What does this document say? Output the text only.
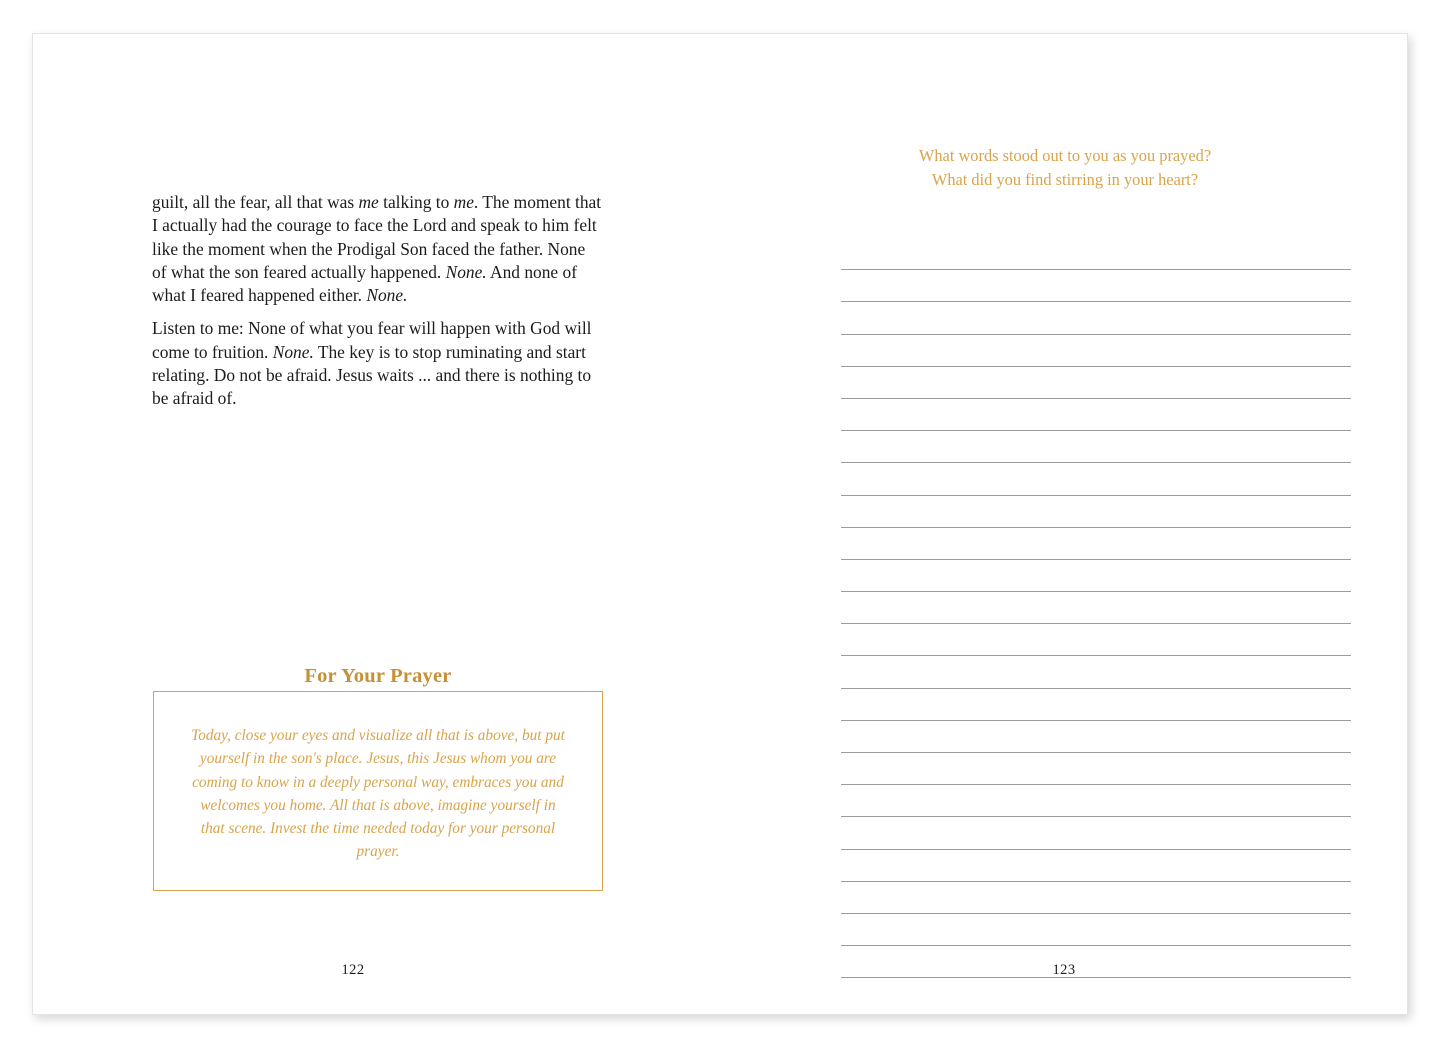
guilt, all the fear, all that was me talking to me. The moment that I actually had the courage to face the Lord and speak to him felt like the moment when the Prodigal Son faced the father. None of what the son feared actually happened. None. And none of what I feared happened either. None.

Listen to me: None of what you fear will happen with God will come to fruition. None. The key is to stop ruminating and start relating. Do not be afraid. Jesus waits ... and there is nothing to be afraid of.

Today, close your eyes and visualize all that is above, but put yourself in the son's place. Jesus, this Jesus whom you are coming to know in a deeply personal way, embraces you and welcomes you home. All that is above, imagine yourself in that scene. Invest the time needed today for your personal prayer.
For Your Prayer
122
What words stood out to you as you prayed?
What did you find stirring in your heart?
123
